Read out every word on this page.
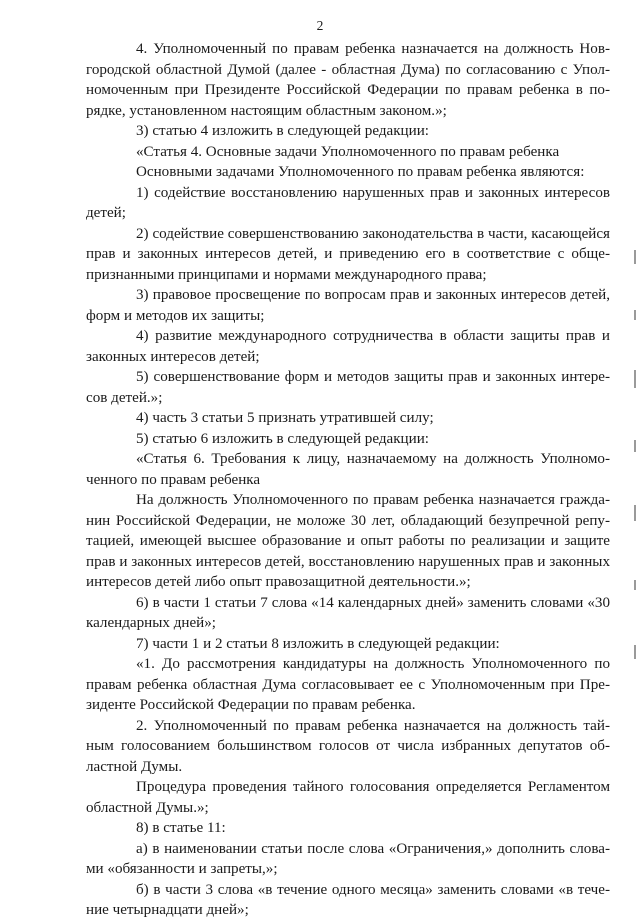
2

4. Уполномоченный по правам ребенка назначается на должность Новгородской областной Думой (далее - областная Дума) по согласованию с Уполномоченным при Президенте Российской Федерации по правам ребенка в порядке, установленном настоящим областным законом.»;

3) статью 4 изложить в следующей редакции:

«Статья 4. Основные задачи Уполномоченного по правам ребенка

Основными задачами Уполномоченного по правам ребенка являются:

1) содействие восстановлению нарушенных прав и законных интересов детей;

2) содействие совершенствованию законодательства в части, касающейся прав и законных интересов детей, и приведению его в соответствие с общепризнанными принципами и нормами международного права;

3) правовое просвещение по вопросам прав и законных интересов детей, форм и методов их защиты;

4) развитие международного сотрудничества в области защиты прав и законных интересов детей;

5) совершенствование форм и методов защиты прав и законных интересов детей.»;

4) часть 3 статьи 5 признать утратившей силу;

5) статью 6 изложить в следующей редакции:

«Статья 6. Требования к лицу, назначаемому на должность Уполномоченного по правам ребенка

На должность Уполномоченного по правам ребенка назначается гражданин Российской Федерации, не моложе 30 лет, обладающий безупречной репутацией, имеющей высшее образование и опыт работы по реализации и защите прав и законных интересов детей, восстановлению нарушенных прав и законных интересов детей либо опыт правозащитной деятельности.»;

6) в части 1 статьи 7 слова «14 календарных дней» заменить словами «30 календарных дней»;

7) части 1 и 2 статьи 8 изложить в следующей редакции:

«1. До рассмотрения кандидатуры на должность Уполномоченного по правам ребенка областная Дума согласовывает ее с Уполномоченным при Президенте Российской Федерации по правам ребенка.

2. Уполномоченный по правам ребенка назначается на должность тайным голосованием большинством голосов от числа избранных депутатов областной Думы.

Процедура проведения тайного голосования определяется Регламентом областной Думы.»;

8) в статье 11:

а) в наименовании статьи после слова «Ограничения,» дополнить словами «обязанности и запреты,»;

б) в части 3 слова «в течение одного месяца» заменить словами «в течение четырнадцати дней»;
